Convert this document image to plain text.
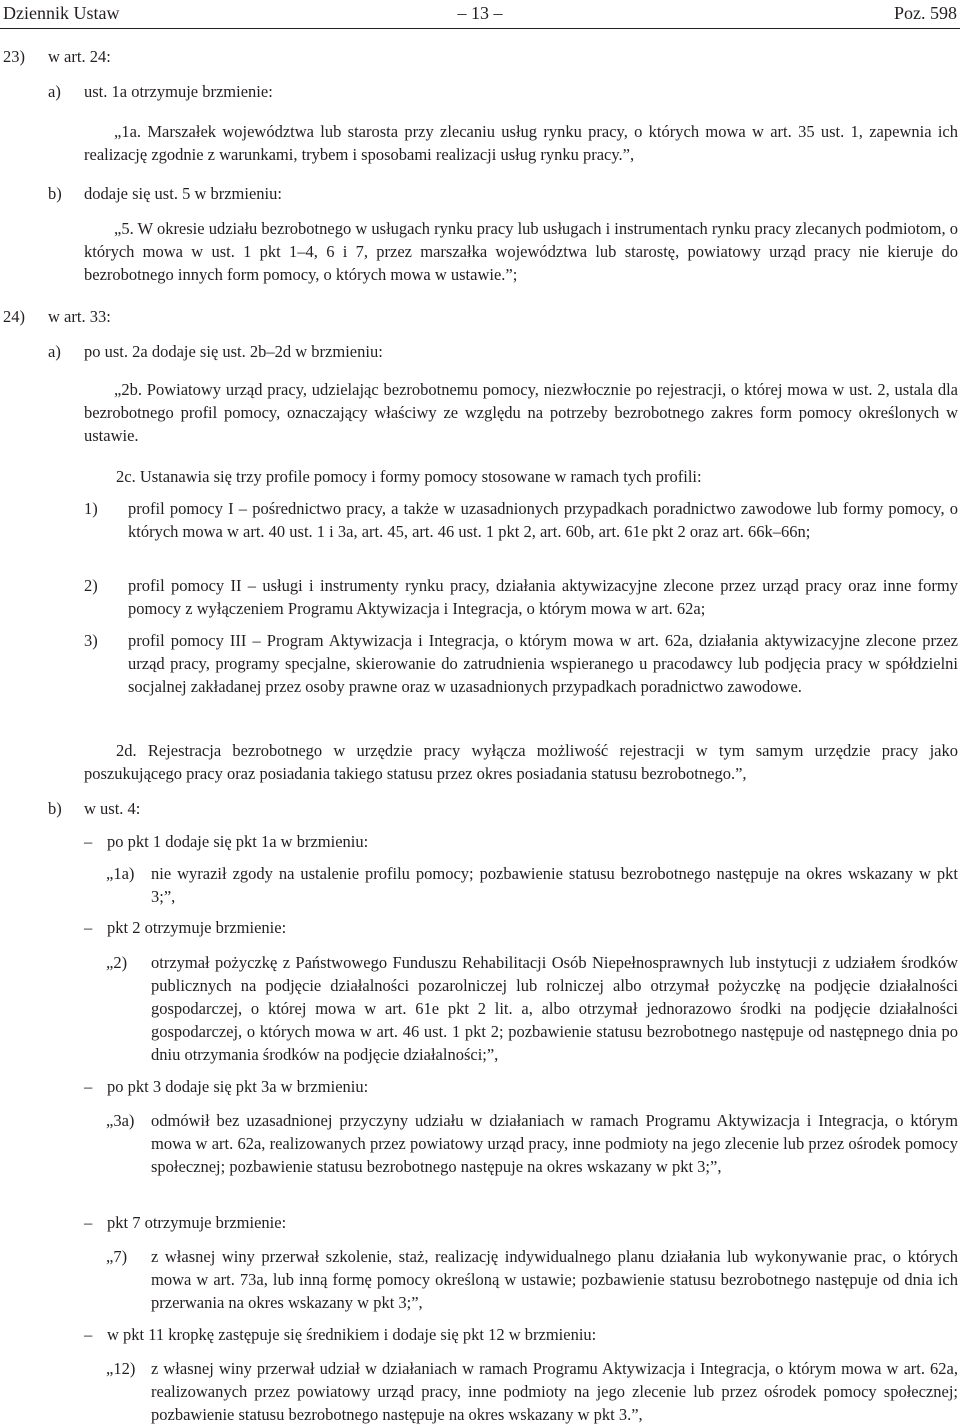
Dziennik Ustaw	– 13 –	Poz. 598
23) w art. 24:
a) ust. 1a otrzymuje brzmienie:
„1a. Marszałek województwa lub starosta przy zlecaniu usług rynku pracy, o których mowa w art. 35 ust. 1, zapewnia ich realizację zgodnie z warunkami, trybem i sposobami realizacji usług rynku pracy.”,
b) dodaje się ust. 5 w brzmieniu:
„5. W okresie udziału bezrobotnego w usługach rynku pracy lub usługach i instrumentach rynku pracy zlecanych podmiotom, o których mowa w ust. 1 pkt 1–4, 6 i 7, przez marszałka województwa lub starostę, powiatowy urząd pracy nie kieruje do bezrobotnego innych form pomocy, o których mowa w ustawie.”;
24) w art. 33:
a) po ust. 2a dodaje się ust. 2b–2d w brzmieniu:
„2b. Powiatowy urząd pracy, udzielając bezrobotnemu pomocy, niezwłocznie po rejestracji, o której mowa w ust. 2, ustala dla bezrobotnego profil pomocy, oznaczający właściwy ze względu na potrzeby bezrobotnego zakres form pomocy określonych w ustawie.
2c. Ustanawia się trzy profile pomocy i formy pomocy stosowane w ramach tych profili:
1) profil pomocy I – pośrednictwo pracy, a także w uzasadnionych przypadkach poradnictwo zawodowe lub formy pomocy, o których mowa w art. 40 ust. 1 i 3a, art. 45, art. 46 ust. 1 pkt 2, art. 60b, art. 61e pkt 2 oraz art. 66k–66n;
2) profil pomocy II – usługi i instrumenty rynku pracy, działania aktywizacyjne zlecone przez urząd pracy oraz inne formy pomocy z wyłączeniem Programu Aktywizacja i Integracja, o którym mowa w art. 62a;
3) profil pomocy III – Program Aktywizacja i Integracja, o którym mowa w art. 62a, działania aktywizacyjne zlecone przez urząd pracy, programy specjalne, skierowanie do zatrudnienia wspieranego u pracodawcy lub podjęcia pracy w spółdzielni socjalnej zakładanej przez osoby prawne oraz w uzasadnionych przypadkach poradnictwo zawodowe.
2d. Rejestracja bezrobotnego w urzędzie pracy wyłącza możliwość rejestracji w tym samym urzędzie pracy jako poszukującego pracy oraz posiadania takiego statusu przez okres posiadania statusu bezrobotnego.”,
b) w ust. 4:
– po pkt 1 dodaje się pkt 1a w brzmieniu:
„1a) nie wyraził zgody na ustalenie profilu pomocy; pozbawienie statusu bezrobotnego następuje na okres wskazany w pkt 3;”,
– pkt 2 otrzymuje brzmienie:
„2) otrzymał pożyczkę z Państwowego Funduszu Rehabilitacji Osób Niepełnosprawnych lub instytucji z udziałem środków publicznych na podjęcie działalności pozarolniczej lub rolniczej albo otrzymał pożyczkę na podjęcie działalności gospodarczej, o której mowa w art. 61e pkt 2 lit. a, albo otrzymał jednorazowo środki na podjęcie działalności gospodarczej, o których mowa w art. 46 ust. 1 pkt 2; pozbawienie statusu bezrobotnego następuje od następnego dnia po dniu otrzymania środków na podjęcie działalności;”,
– po pkt 3 dodaje się pkt 3a w brzmieniu:
„3a) odmówił bez uzasadnionej przyczyny udziału w działaniach w ramach Programu Aktywizacja i Integracja, o którym mowa w art. 62a, realizowanych przez powiatowy urząd pracy, inne podmioty na jego zlecenie lub przez ośrodek pomocy społecznej; pozbawienie statusu bezrobotnego następuje na okres wskazany w pkt 3;”,
– pkt 7 otrzymuje brzmienie:
„7) z własnej winy przerwał szkolenie, staż, realizację indywidualnego planu działania lub wykonywanie prac, o których mowa w art. 73a, lub inną formę pomocy określoną w ustawie; pozbawienie statusu bezrobotnego następuje od dnia ich przerwania na okres wskazany w pkt 3;”,
– w pkt 11 kropkę zastępuje się średnikiem i dodaje się pkt 12 w brzmieniu:
„12) z własnej winy przerwał udział w działaniach w ramach Programu Aktywizacja i Integracja, o którym mowa w art. 62a, realizowanych przez powiatowy urząd pracy, inne podmioty na jego zlecenie lub przez ośrodek pomocy społecznej; pozbawienie statusu bezrobotnego następuje na okres wskazany w pkt 3.”,
